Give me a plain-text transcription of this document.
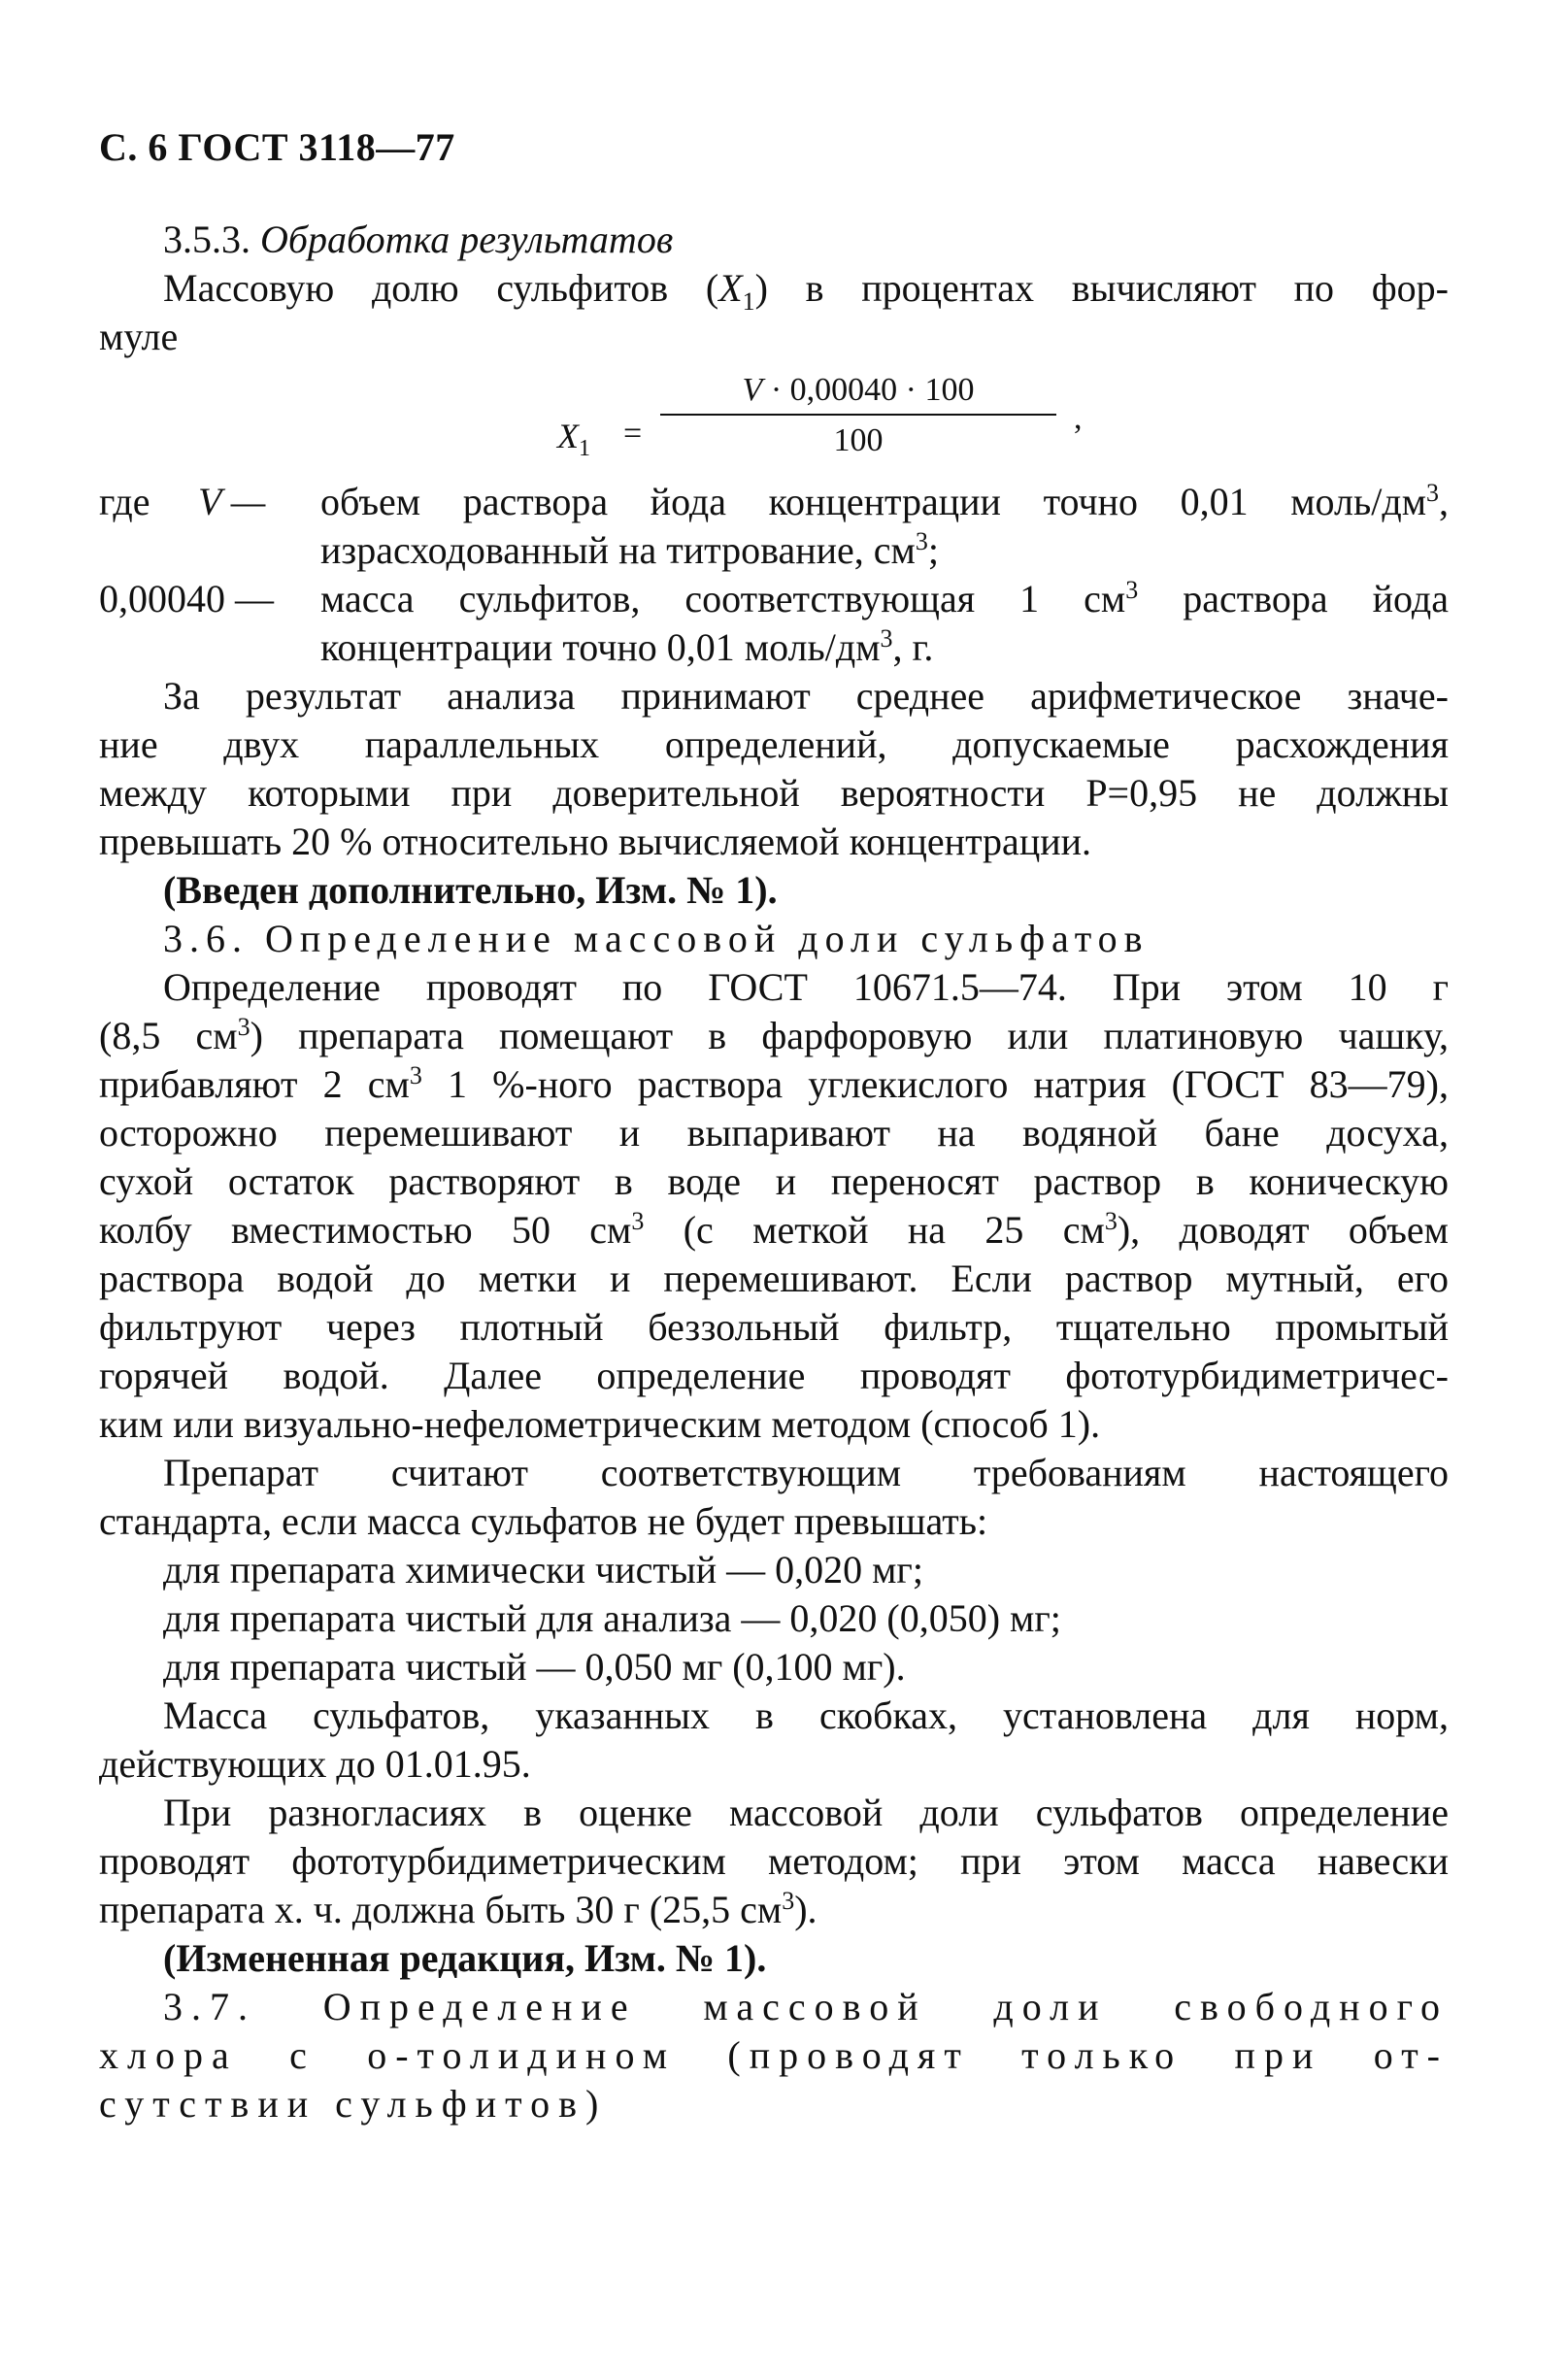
С. 6 ГОСТ 3118—77
3.5.3. Обработка результатов
Массовую долю сульфитов $(X_1)$ в процентах вычисляют по фор-
муле
$X_1$ =
V · 0,00040 · 100
100
,
где V — объем раствора йода концентрации точно 0,01 моль/$дм^3$,
израсходованный на титрование, $см^3$;
0,00040 — масса сульфитов, соответствующая 1 $см^3$ раствора йода
концентрации точно 0,01 моль/$дм^3$, г.
За результат анализа принимают среднее арифметическое значе-
ние двух параллельных определений, допускаемые расхождения
между которыми при доверительной вероятности P=0,95 не должны
превышать 20 % относительно вычисляемой концентрации.
(Введен дополнительно, Изм. № 1).
3.6. Определение массовой доли сульфатов
Определение проводят по ГОСТ 10671.5—74. При этом 10 г
(8,5 $см^3$) препарата помещают в фарфоровую или платиновую чашку,
прибавляют 2 $см^3$ 1 %-ного раствора углекислого натрия (ГОСТ 83—79),
осторожно перемешивают и выпаривают на водяной бане досуха,
сухой остаток растворяют в воде и переносят раствор в коническую
колбу вместимостью 50 $см^3$ (с меткой на 25 $см^3$), доводят объем
раствора водой до метки и перемешивают. Если раствор мутный, его
фильтруют через плотный беззольный фильтр, тщательно промытый
горячей водой. Далее определение проводят фототурбидиметричес-
ким или визуально-нефелометрическим методом (способ 1).
Препарат считают соответствующим требованиям настоящего
стандарта, если масса сульфатов не будет превышать:
для препарата химически чистый — 0,020 мг;
для препарата чистый для анализа — 0,020 (0,050) мг;
для препарата чистый — 0,050 мг (0,100 мг).
Масса сульфатов, указанных в скобках, установлена для норм,
действующих до 01.01.95.
При разногласиях в оценке массовой доли сульфатов определение
проводят фототурбидиметрическим методом; при этом масса навески
препарата х. ч. должна быть 30 г (25,5 $см^3$).
(Измененная редакция, Изм. № 1).
3.7. Определение массовой доли свободного
хлора с о-толидином (проводят только при от-
сутствии сульфитов)
